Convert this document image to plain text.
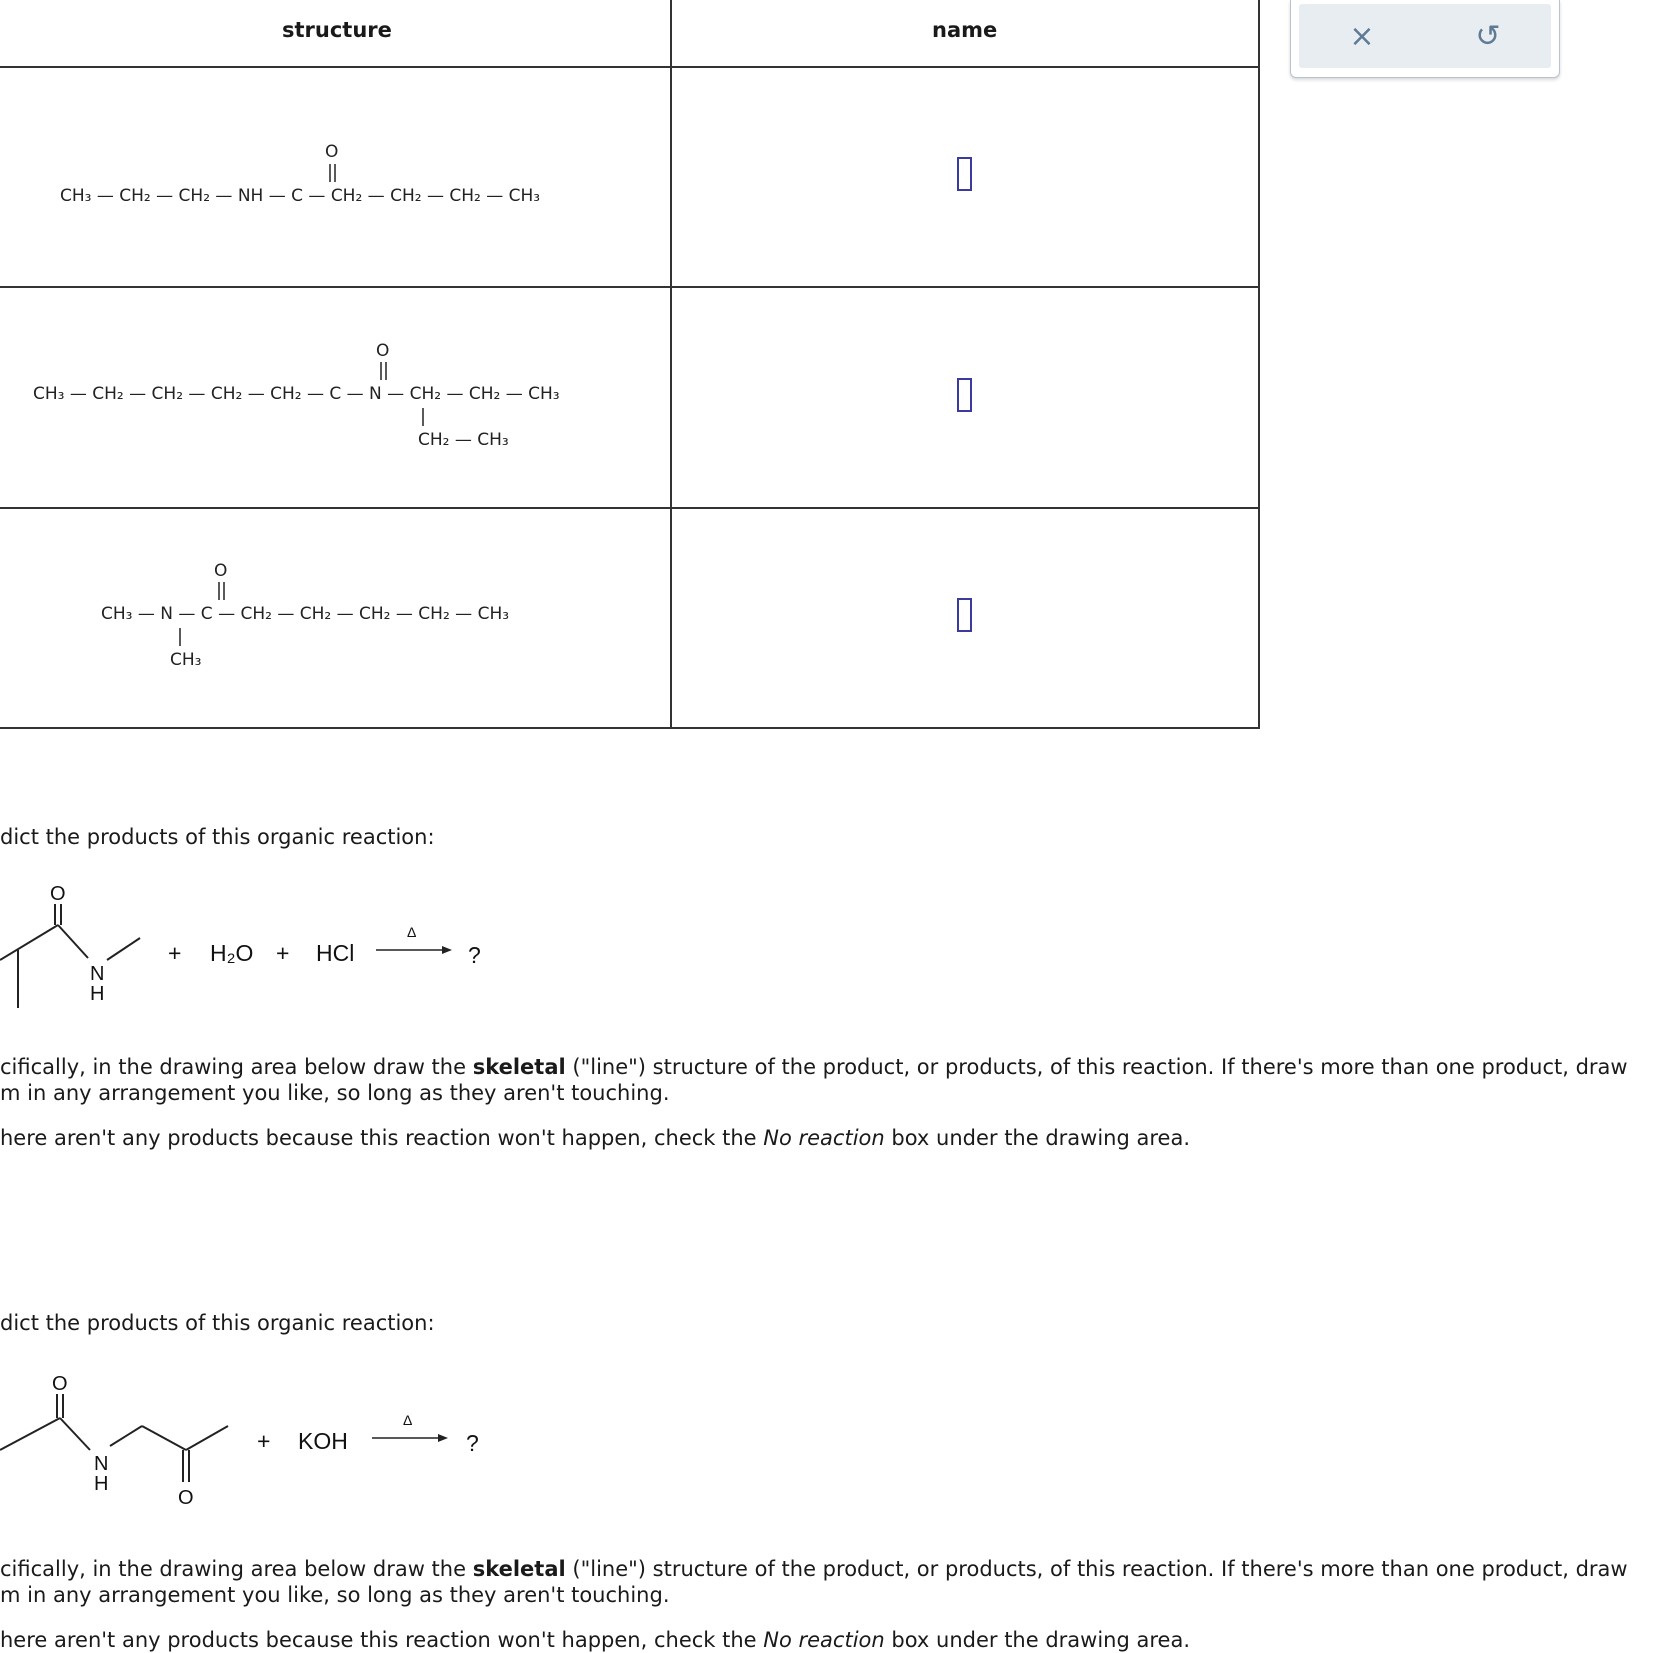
structure	name
O
CH₃ — CH₂ — CH₂ — NH — C — CH₂ — CH₂ — CH₂ — CH₃
O
CH₃ — CH₂ — CH₂ — CH₂ — CH₂ — C — N — CH₂ — CH₂ — CH₃
CH₂ — CH₃
O
CH₃ — N — C — CH₂ — CH₂ — CH₂ — CH₂ — CH₃
CH₃
×	↺
dict the products of this organic reaction:
O
N
H
+ H₂O + HCl
Δ
?
cifically, in the drawing area below draw the skeletal ("line") structure of the product, or products, of this reaction. If there's more than one product, draw
m in any arrangement you like, so long as they aren't touching.
here aren't any products because this reaction won't happen, check the No reaction box under the drawing area.
dict the products of this organic reaction:
O
N
H
O
+ KOH
Δ
?
cifically, in the drawing area below draw the skeletal ("line") structure of the product, or products, of this reaction. If there's more than one product, draw
m in any arrangement you like, so long as they aren't touching.
here aren't any products because this reaction won't happen, check the No reaction box under the drawing area.
